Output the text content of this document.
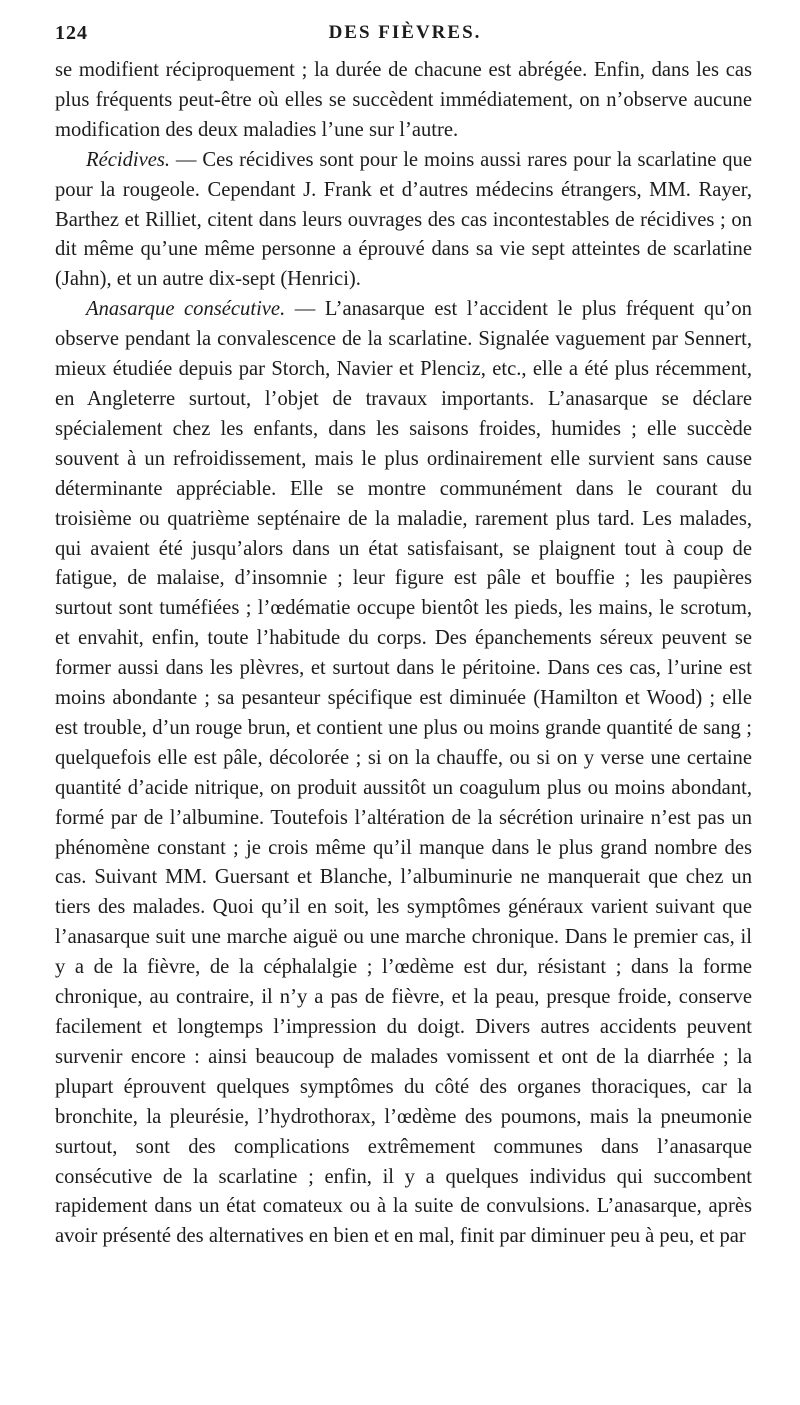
124	DES FIÈVRES.

se modifient réciproquement ; la durée de chacune est abrégée. Enfin, dans les cas plus fréquents peut-être où elles se succèdent immédiatement, on n’observe aucune modification des deux maladies l’une sur l’autre.

Récidives. — Ces récidives sont pour le moins aussi rares pour la scarlatine que pour la rougeole. Cependant J. Frank et d’autres médecins étrangers, MM. Rayer, Barthez et Rilliet, citent dans leurs ouvrages des cas incontestables de récidives ; on dit même qu’une même personne a éprouvé dans sa vie sept atteintes de scarlatine (Jahn), et un autre dix-sept (Henrici).

Anasarque consécutive. — L’anasarque est l’accident le plus fréquent qu’on observe pendant la convalescence de la scarlatine. Signalée vaguement par Sennert, mieux étudiée depuis par Storch, Navier et Plenciz, etc., elle a été plus récemment, en Angleterre surtout, l’objet de travaux importants. L’anasarque se déclare spécialement chez les enfants, dans les saisons froides, humides ; elle succède souvent à un refroidissement, mais le plus ordinairement elle survient sans cause déterminante appréciable. Elle se montre communément dans le courant du troisième ou quatrième septénaire de la maladie, rarement plus tard. Les malades, qui avaient été jusqu’alors dans un état satisfaisant, se plaignent tout à coup de fatigue, de malaise, d’insomnie ; leur figure est pâle et bouffie ; les paupières surtout sont tuméfiées ; l’œdématie occupe bientôt les pieds, les mains, le scrotum, et envahit, enfin, toute l’habitude du corps. Des épanchements séreux peuvent se former aussi dans les plèvres, et surtout dans le péritoine. Dans ces cas, l’urine est moins abondante ; sa pesanteur spécifique est diminuée (Hamilton et Wood) ; elle est trouble, d’un rouge brun, et contient une plus ou moins grande quantité de sang ; quelquefois elle est pâle, décolorée ; si on la chauffe, ou si on y verse une certaine quantité d’acide nitrique, on produit aussitôt un coagulum plus ou moins abondant, formé par de l’albumine. Toutefois l’altération de la sécrétion urinaire n’est pas un phénomène constant ; je crois même qu’il manque dans le plus grand nombre des cas. Suivant MM. Guersant et Blanche, l’albuminurie ne manquerait que chez un tiers des malades. Quoi qu’il en soit, les symptômes généraux varient suivant que l’anasarque suit une marche aiguë ou une marche chronique. Dans le premier cas, il y a de la fièvre, de la céphalalgie ; l’œdème est dur, résistant ; dans la forme chronique, au contraire, il n’y a pas de fièvre, et la peau, presque froide, conserve facilement et longtemps l’impression du doigt. Divers autres accidents peuvent survenir encore : ainsi beaucoup de malades vomissent et ont de la diarrhée ; la plupart éprouvent quelques symptômes du côté des organes thoraciques, car la bronchite, la pleurésie, l’hydrothorax, l’œdème des poumons, mais la pneumonie surtout, sont des complications extrêmement communes dans l’anasarque consécutive de la scarlatine ; enfin, il y a quelques individus qui succombent rapidement dans un état comateux ou à la suite de convulsions. L’anasarque, après avoir présenté des alternatives en bien et en mal, finit par diminuer peu à peu, et par
